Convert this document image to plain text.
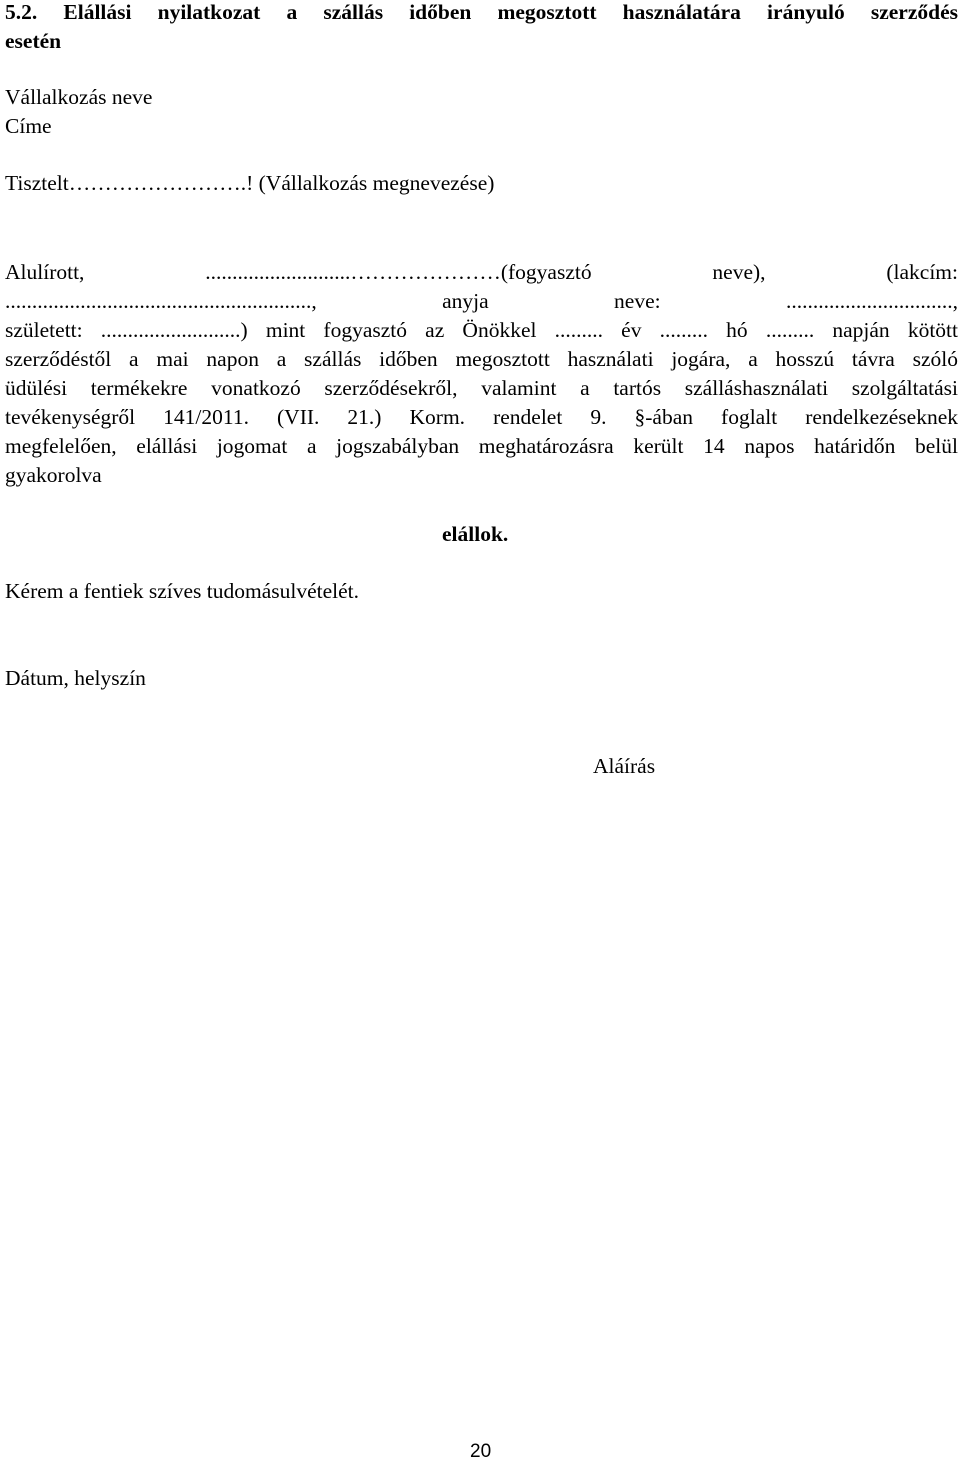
5.2. Elállási nyilatkozat a szállás időben megosztott használatára irányuló szerződés
esetén
Vállalkozás neve
Címe
Tisztelt…………………….! (Vállalkozás megnevezése)
Alulírott, ...........................…………………(fogyasztó neve), (lakcím:
........................................................., anyja neve: ...............................,
született: ..........................) mint fogyasztó az Önökkel ......... év ......... hó ......... napján kötött
szerződéstől a mai napon a szállás időben megosztott használati jogára, a hosszú távra szóló
üdülési termékekre vonatkozó szerződésekről, valamint a tartós szálláshasználati szolgáltatási
tevékenységről 141/2011. (VII. 21.) Korm. rendelet 9. §-ában foglalt rendelkezéseknek
megfelelően, elállási jogomat a jogszabályban meghatározásra került 14 napos határidőn belül
gyakorolva
elállok.
Kérem a fentiek szíves tudomásulvételét.
Dátum, helyszín
Aláírás
20
